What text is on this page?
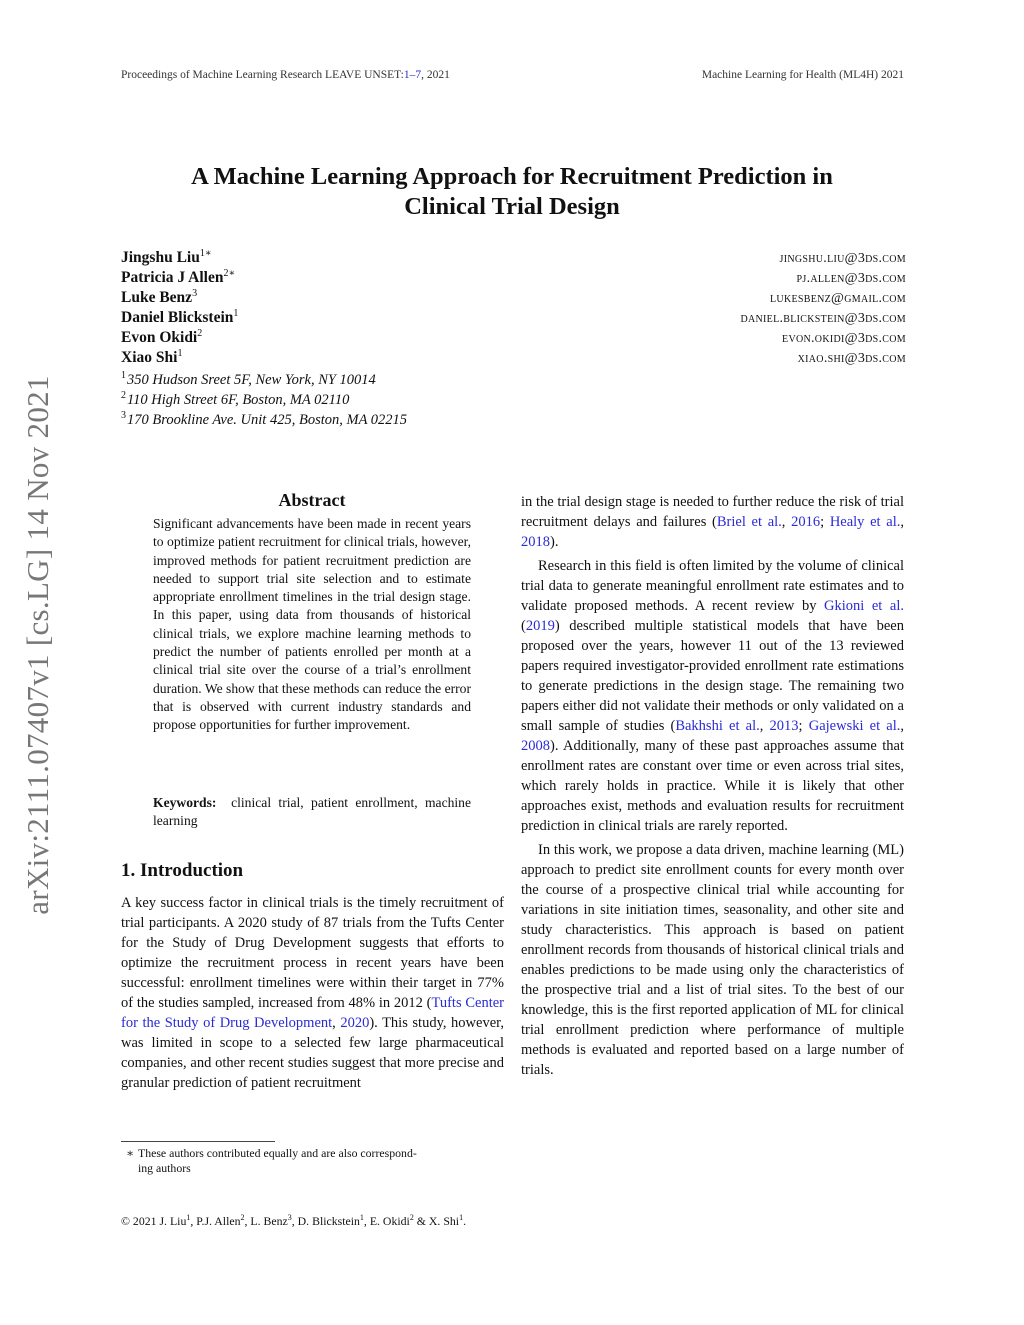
Proceedings of Machine Learning Research LEAVE UNSET:1–7, 2021	Machine Learning for Health (ML4H) 2021
arXiv:2111.07407v1 [cs.LG] 14 Nov 2021
A Machine Learning Approach for Recruitment Prediction in
Clinical Trial Design
Jingshu Liu$^{1∗}$	jingshu.liu@3ds.com
Patricia J Allen$^{2∗}$	pj.allen@3ds.com
Luke Benz$^3$	lukesbenz@gmail.com
Daniel Blickstein$^1$	daniel.blickstein@3ds.com
Evon Okidi$^2$	evon.okidi@3ds.com
Xiao Shi$^1$	xiao.shi@3ds.com
$^1$350 Hudson Sreet 5F, New York, NY 10014
$^2$110 High Street 6F, Boston, MA 02110
$^3$170 Brookline Ave. Unit 425, Boston, MA 02215
Abstract
Significant advancements have been made in recent years to optimize patient recruitment for clinical trials, however, improved methods for patient recruitment prediction are needed to support trial site selection and to estimate appropriate enrollment timelines in the trial design stage. In this paper, using data from thousands of historical clinical trials, we explore machine learning methods to predict the number of patients enrolled per month at a clinical trial site over the course of a trial’s enrollment duration. We show that these methods can reduce the error that is observed with current industry standards and propose opportunities for further improvement.
Keywords: clinical trial, patient enrollment, machine learning
1. Introduction

A key success factor in clinical trials is the timely recruitment of trial participants. A 2020 study of 87 trials from the Tufts Center for the Study of Drug Development suggests that efforts to optimize the recruitment process in recent years have been successful: enrollment timelines were within their target in 77% of the studies sampled, increased from 48% in 2012 (Tufts Center for the Study of Drug Development, 2020). This study, however, was limited in scope to a selected few large pharmaceutical companies, and other recent studies suggest that more precise and granular prediction of patient recruitment

∗ These authors contributed equally and are also correspond-
ing authors

in the trial design stage is needed to further reduce the risk of trial recruitment delays and failures (Briel et al., 2016; Healy et al., 2018).

Research in this field is often limited by the volume of clinical trial data to generate meaningful enrollment rate estimates and to validate proposed methods. A recent review by Gkioni et al. (2019) described multiple statistical models that have been proposed over the years, however 11 out of the 13 reviewed papers required investigator-provided enrollment rate estimations to generate predictions in the design stage. The remaining two papers either did not validate their methods or only validated on a small sample of studies (Bakhshi et al., 2013; Gajewski et al., 2008). Additionally, many of these past approaches assume that enrollment rates are constant over time or even across trial sites, which rarely holds in practice. While it is likely that other approaches exist, methods and evaluation results for recruitment prediction in clinical trials are rarely reported.

In this work, we propose a data driven, machine learning (ML) approach to predict site enrollment counts for every month over the course of a prospective clinical trial while accounting for variations in site initiation times, seasonality, and other site and study characteristics. This approach is based on patient enrollment records from thousands of historical clinical trials and enables predictions to be made using only the characteristics of the prospective trial and a list of trial sites. To the best of our knowledge, this is the first reported application of ML for clinical trial enrollment prediction where performance of multiple methods is evaluated and reported based on a large number of trials.

© 2021 J. Liu$^1$, P.J. Allen$^2$, L. Benz$^3$, D. Blickstein$^1$, E. Okidi$^2$ & X. Shi$^1$.
